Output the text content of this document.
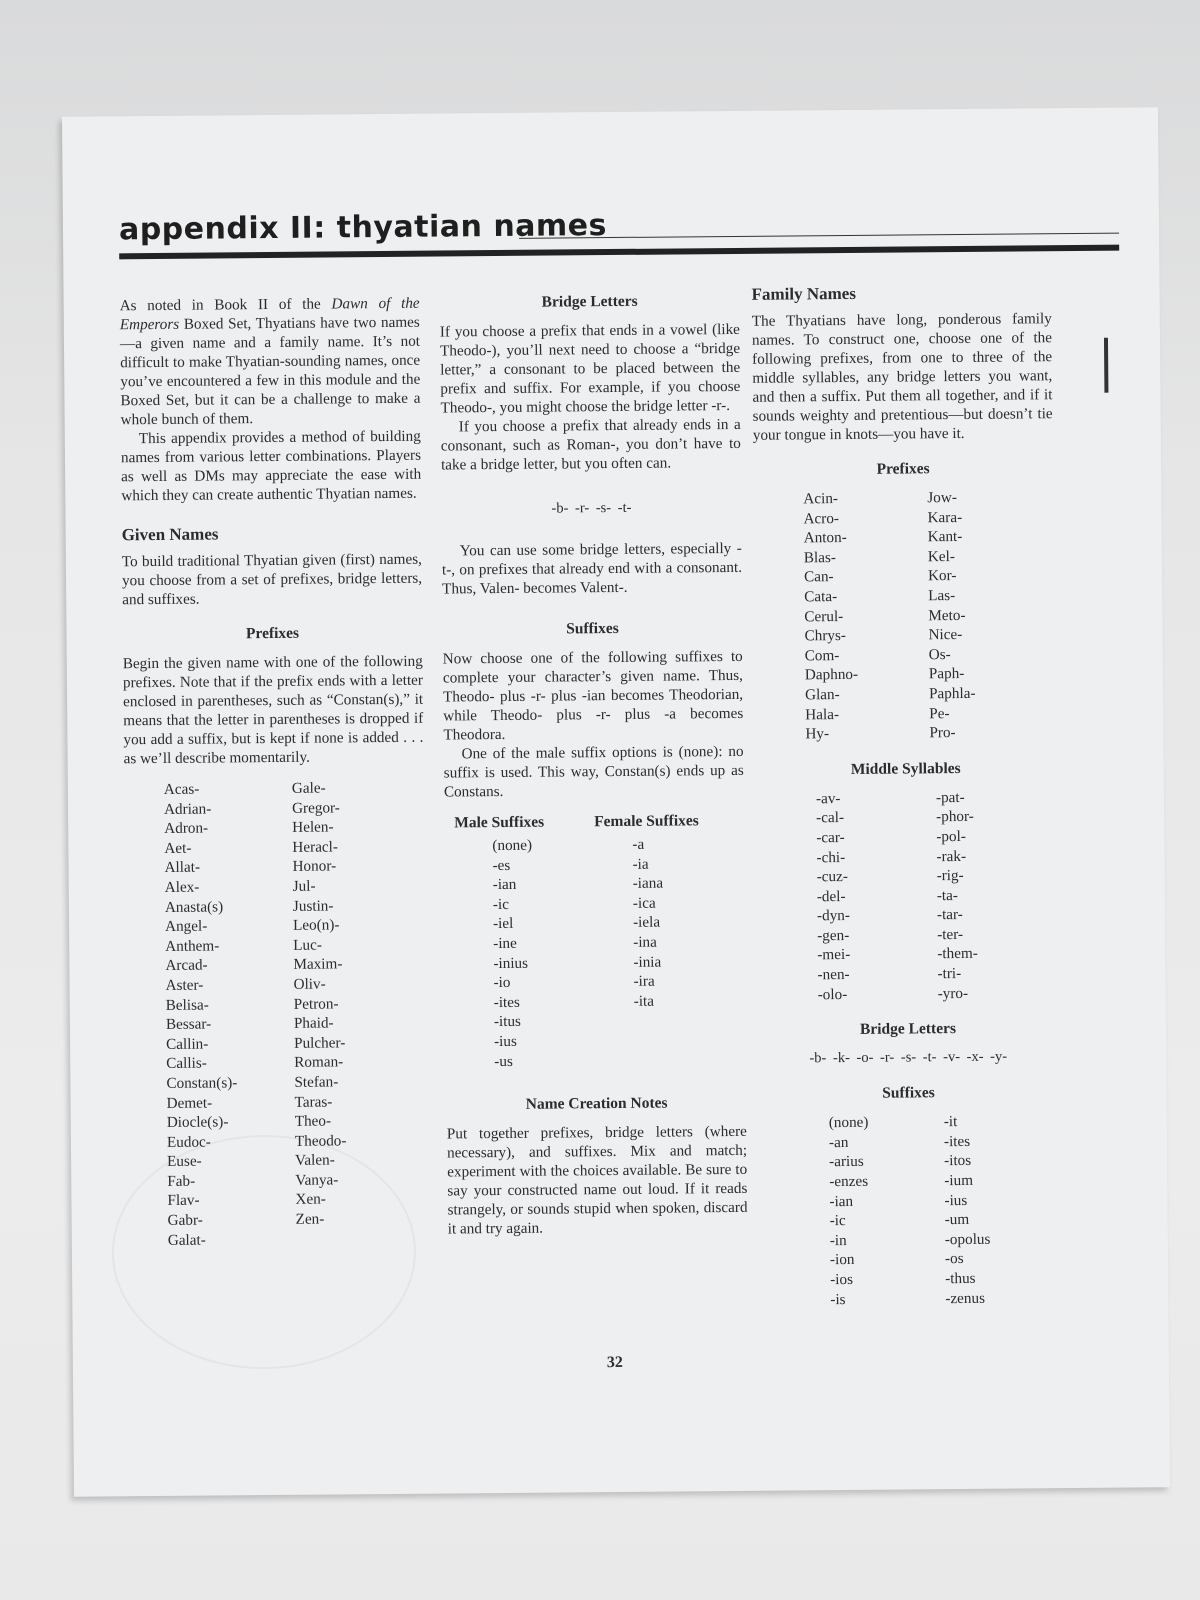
appendix II: thyatian names

As noted in Book II of the Dawn of the Emperors Boxed Set, Thyatians have two names—a given name and a family name. It’s not difficult to make Thyatian-sounding names, once you’ve encountered a few in this module and the Boxed Set, but it can be a challenge to make a whole bunch of them.

This appendix provides a method of building names from various letter combinations. Players as well as DMs may appreciate the ease with which they can create authentic Thyatian names.

Given Names

To build traditional Thyatian given (first) names, you choose from a set of prefixes, bridge letters, and suffixes.

Prefixes

Begin the given name with one of the following prefixes. Note that if the prefix ends with a letter enclosed in parentheses, such as “Constan(s),” it means that the letter in parentheses is dropped if you add a suffix, but is kept if none is added . . . as we’ll describe momentarily.

Acas-
Adrian-
Adron-
Aet-
Allat-
Alex-
Anasta(s)
Angel-
Anthem-
Arcad-
Aster-
Belisa-
Bessar-
Callin-
Callis-
Constan(s)-
Demet-
Diocle(s)-
Eudoc-
Euse-
Fab-
Flav-
Gabr-
Galat-
Gale-
Gregor-
Helen-
Heracl-
Honor-
Jul-
Justin-
Leo(n)-
Luc-
Maxim-
Oliv-
Petron-
Phaid-
Pulcher-
Roman-
Stefan-
Taras-
Theo-
Theodo-
Valen-
Vanya-
Xen-
Zen-
Bridge Letters

If you choose a prefix that ends in a vowel (like Theodo-), you’ll next need to choose a “bridge letter,” a consonant to be placed between the prefix and suffix. For example, if you choose Theodo-, you might choose the bridge letter -r-.

If you choose a prefix that already ends in a consonant, such as Roman-, you don’t have to take a bridge letter, but you often can.

-b- -r- -s- -t-

You can use some bridge letters, especially -t-, on prefixes that already end with a consonant. Thus, Valen- becomes Valent-.

Suffixes

Now choose one of the following suffixes to complete your character’s given name. Thus, Theodo- plus -r- plus -ian becomes Theodorian, while Theodo- plus -r- plus -a becomes Theodora.

One of the male suffix options is (none): no suffix is used. This way, Constan(s) ends up as Constans.

Male Suffixes
(none)
-es
-ian
-ic
-iel
-ine
-inius
-io
-ites
-itus
-ius
-us
Female Suffixes
-a
-ia
-iana
-ica
-iela
-ina
-inia
-ira
-ita
Name Creation Notes

Put together prefixes, bridge letters (where necessary), and suffixes. Mix and match; experiment with the choices available. Be sure to say your constructed name out loud. If it reads strangely, or sounds stupid when spoken, discard it and try again.

Family Names

The Thyatians have long, ponderous family names. To construct one, choose one of the following prefixes, from one to three of the middle syllables, any bridge letters you want, and then a suffix. Put them all together, and if it sounds weighty and pretentious—but doesn’t tie your tongue in knots—you have it.

Prefixes
Acin-
Acro-
Anton-
Blas-
Can-
Cata-
Cerul-
Chrys-
Com-
Daphno-
Glan-
Hala-
Hy-
Jow-
Kara-
Kant-
Kel-
Kor-
Las-
Meto-
Nice-
Os-
Paph-
Paphla-
Pe-
Pro-
Middle Syllables
-av-
-cal-
-car-
-chi-
-cuz-
-del-
-dyn-
-gen-
-mei-
-nen-
-olo-
-pat-
-phor-
-pol-
-rak-
-rig-
-ta-
-tar-
-ter-
-them-
-tri-
-yro-
Bridge Letters
-b- -k- -o- -r- -s- -t- -v- -x- -y-
Suffixes
(none)
-an
-arius
-enzes
-ian
-ic
-in
-ion
-ios
-is
-it
-ites
-itos
-ium
-ius
-um
-opolus
-os
-thus
-zenus
32
